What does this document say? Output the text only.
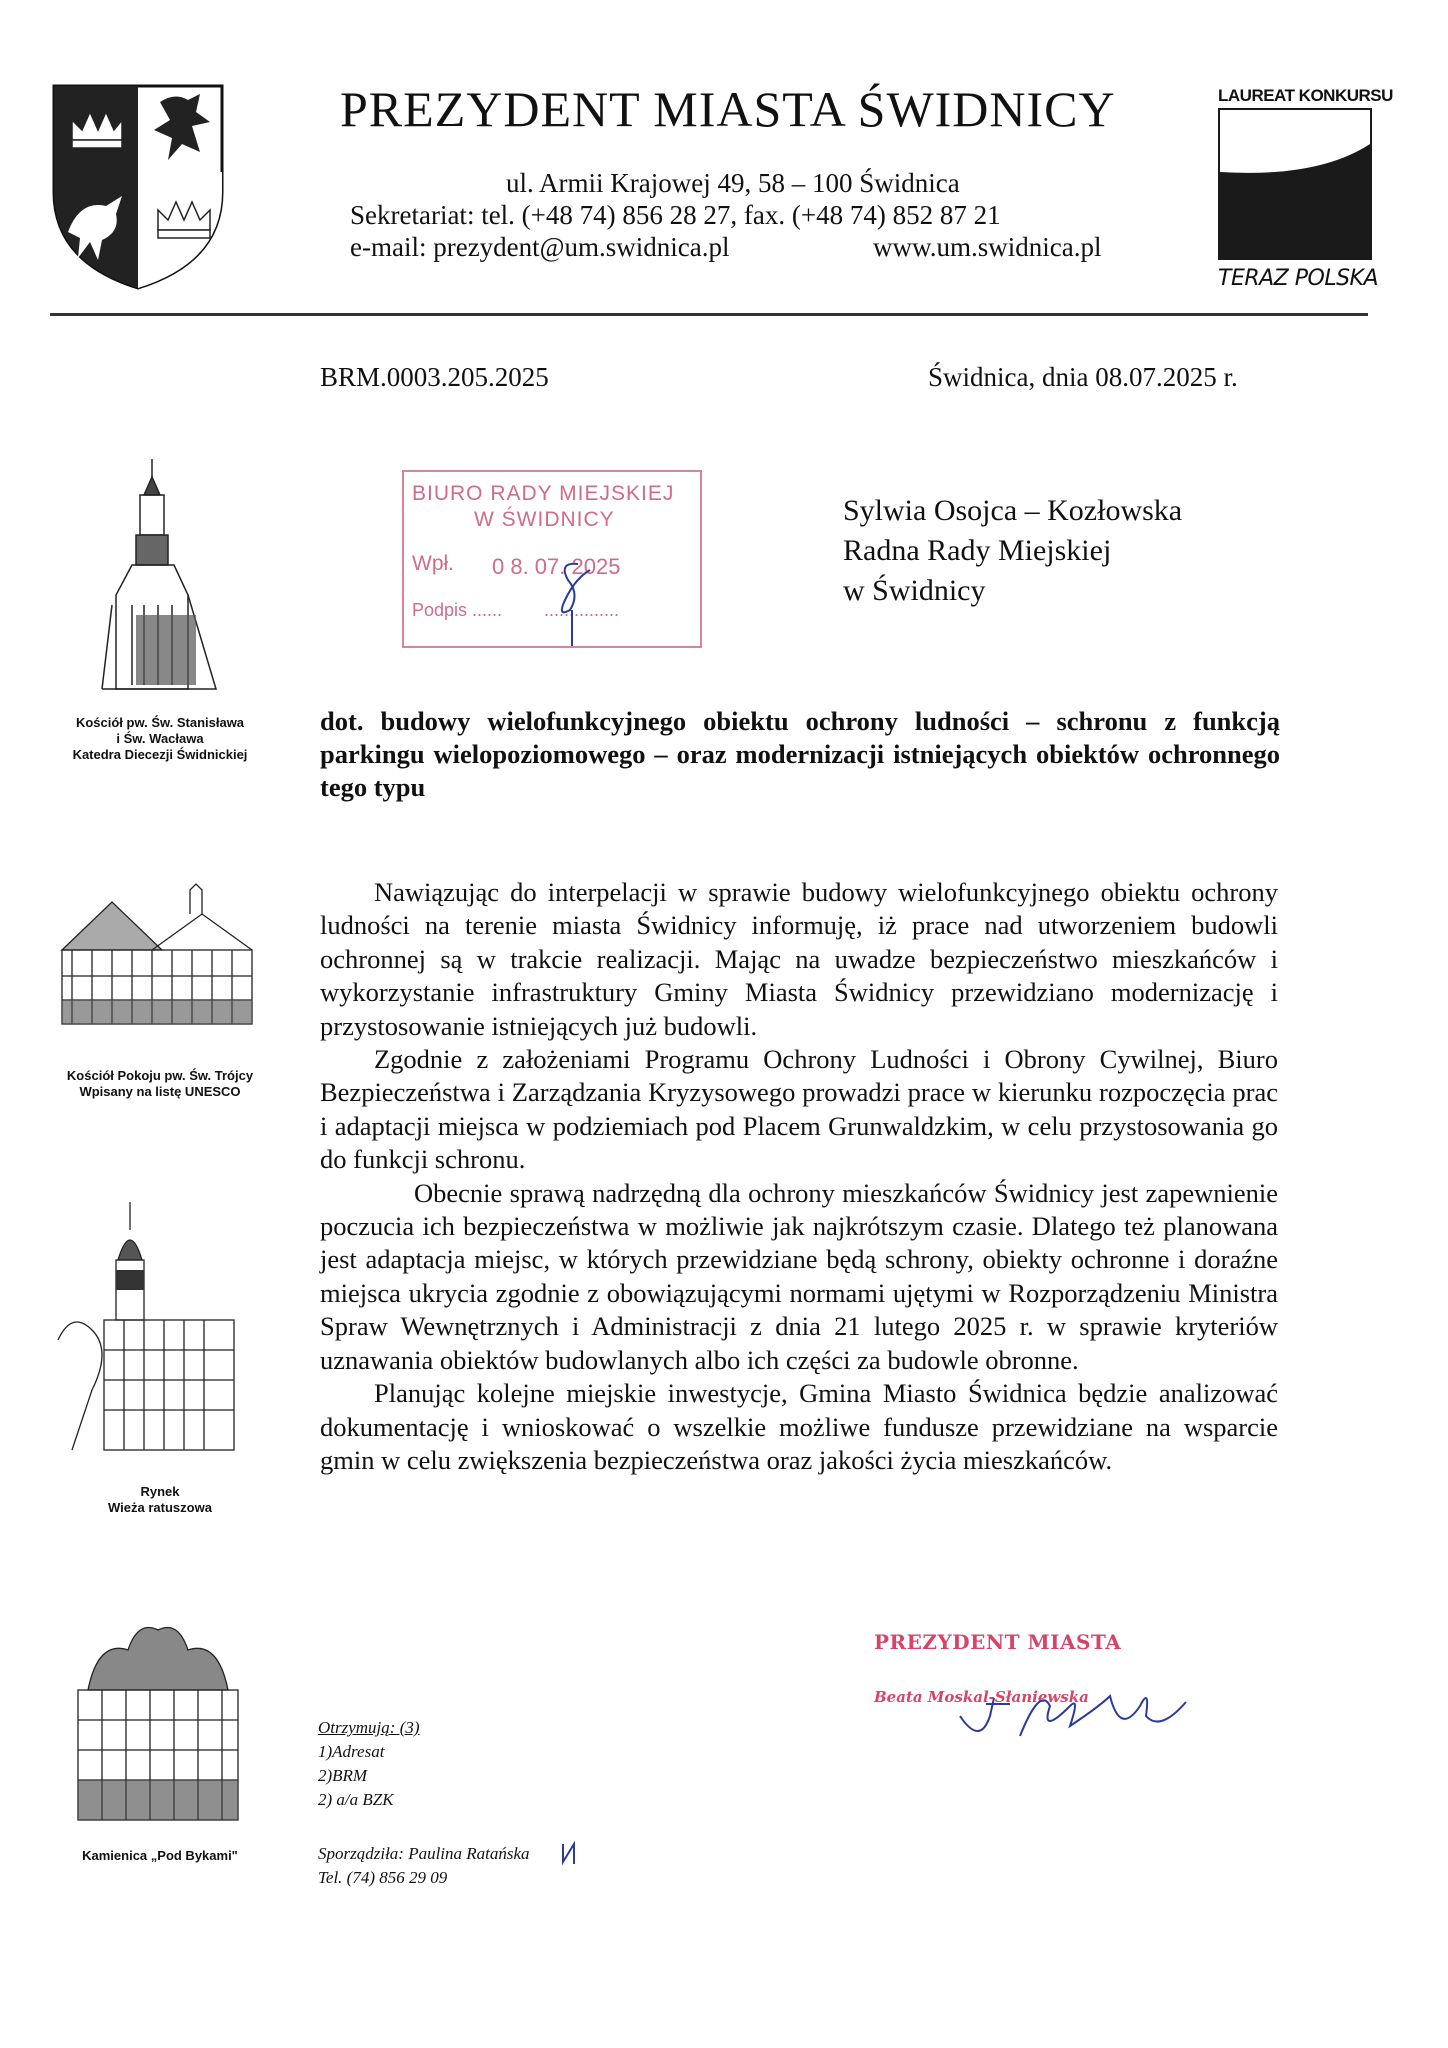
PREZYDENT MIASTA ŚWIDNICY
ul. Armii Krajowej 49, 58 – 100 Świdnica
Sekretariat: tel. (+48 74) 856 28 27, fax. (+48 74) 852 87 21
e-mail: prezydent@um.swidnica.pl	www.um.swidnica.pl
LAUREAT KONKURSU
TERAZ POLSKA
BRM.0003.205.2025	Świdnica, dnia 08.07.2025 r.
Kościół pw. Św. Stanisława
i Św. Wacława
Katedra Diecezji Świdnickiej
Kościół Pokoju pw. Św. Trójcy
Wpisany na listę UNESCO
Rynek
Wieża ratuszowa
Kamienica „Pod Bykami"
BIURO RADY MIEJSKIEJ
W ŚWIDNICY
Wpł. 0 8. 07. 2025
Podpis ...... ...............
Sylwia Osojca – Kozłowska
Radna Rady Miejskiej
w Świdnicy
dot. budowy wielofunkcyjnego obiektu ochrony ludności – schronu z funkcją parkingu wielopoziomowego – oraz modernizacji istniejących obiektów ochronnego tego typu

Nawiązując do interpelacji w sprawie budowy wielofunkcyjnego obiektu ochrony ludności na terenie miasta Świdnicy informuję, iż prace nad utworzeniem budowli ochronnej są w trakcie realizacji. Mając na uwadze bezpieczeństwo mieszkańców i wykorzystanie infrastruktury Gminy Miasta Świdnicy przewidziano modernizację i przystosowanie istniejących już budowli.

Zgodnie z założeniami Programu Ochrony Ludności i Obrony Cywilnej, Biuro Bezpieczeństwa i Zarządzania Kryzysowego prowadzi prace w kierunku rozpoczęcia prac i adaptacji miejsca w podziemiach pod Placem Grunwaldzkim, w celu przystosowania go do funkcji schronu.

Obecnie sprawą nadrzędną dla ochrony mieszkańców Świdnicy jest zapewnienie poczucia ich bezpieczeństwa w możliwie jak najkrótszym czasie. Dlatego też planowana jest adaptacja miejsc, w których przewidziane będą schrony, obiekty ochronne i doraźne miejsca ukrycia zgodnie z obowiązującymi normami ujętymi w Rozporządzeniu Ministra Spraw Wewnętrznych i Administracji z dnia 21 lutego 2025 r. w sprawie kryteriów uznawania obiektów budowlanych albo ich części za budowle obronne.

Planując kolejne miejskie inwestycje, Gmina Miasto Świdnica będzie analizować dokumentację i wnioskować o wszelkie możliwe fundusze przewidziane na wsparcie gmin w celu zwiększenia bezpieczeństwa oraz jakości życia mieszkańców.

Otrzymują: (3)
1)Adresat
2)BRM
2) a/a BZK
Sporządziła: Paulina Ratańska
Tel. (74) 856 29 09
PREZYDENT MIASTA
Beata Moskal-Słaniewska
